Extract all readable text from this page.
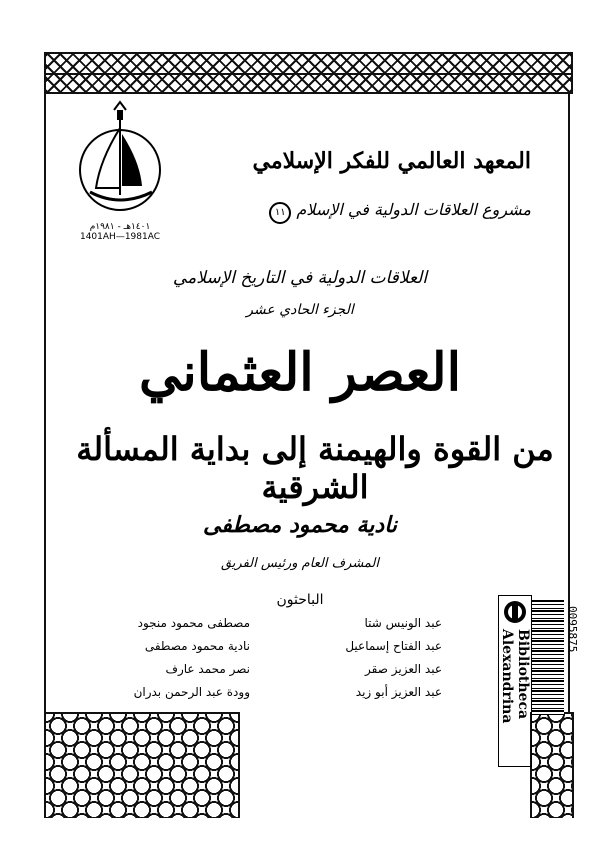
١٤٠١هـ - ١٩٨١م
1401AH—1981AC
المعهد العالمي للفكر الإسلامي
مشروع العلاقات الدولية في الإسلام ١١
العلاقات الدولية في التاريخ الإسلامي
الجزء الحادي عشر
العصر العثماني
من القوة والهيمنة إلى بداية المسألة الشرقية
نادية محمود مصطفى
المشرف العام ورئيس الفريق
الباحثون
مصطفى محمود منجود
نادية محمود مصطفى
نصر محمد عارف
وودة عبد الرحمن بدران
عبد الونيس شتا
عبد الفتاح إسماعيل
عبد العزيز صقر
عبد العزيز أبو زيد	Bibliotheca Alexandrina	0095875
